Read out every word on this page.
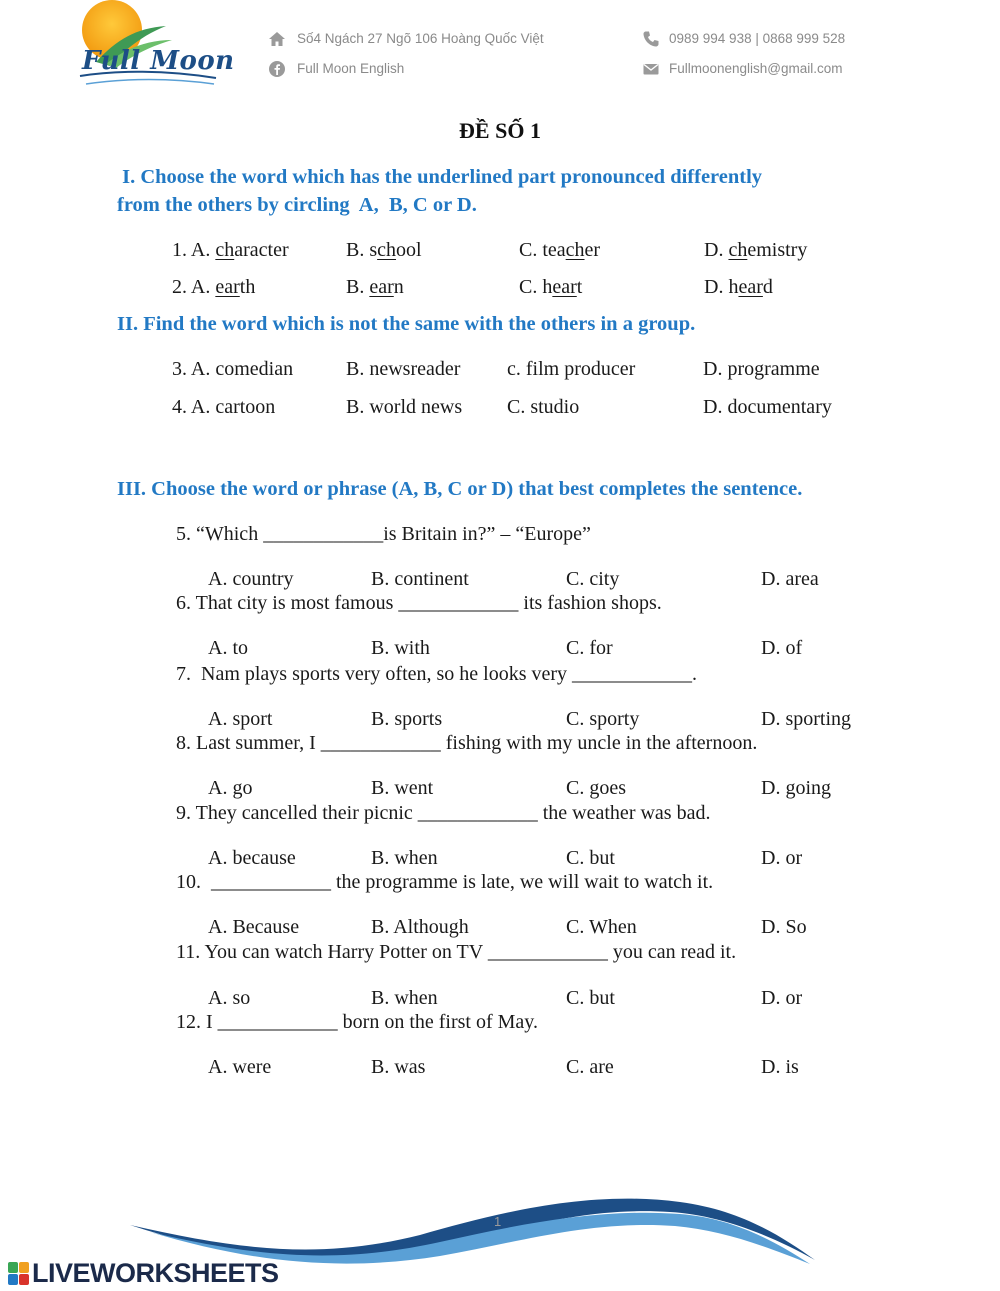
Full Moon
Số4 Ngách 27 Ngõ 106 Hoàng Quốc Việt
Full Moon English
0989 994 938 | 0868 999 528
Fullmoonenglish@gmail.com
ĐỀ SỐ 1
I. Choose the word which has the underlined part pronounced differently
from the others by circling  A,  B, C or D.
1. A. character	B. school	C. teacher	D. chemistry
2. A. earth	B. earn	C. heart	D. heard
II. Find the word which is not the same with the others in a group.
3. A. comedian	B. newsreader c. film producer	D. programme
4. A. cartoon	B. world news C. studio	D. documentary
III. Choose the word or phrase (A, B, C or D) that best completes the sentence.
5. “Which ____________is Britain in?” – “Europe”
A. country	B. continent	C. city	D. area
6. That city is most famous ____________ its fashion shops.
A. to	B. with	C. for	D. of
7.  Nam plays sports very often, so he looks very ____________.
A. sport	B. sports	C. sporty	D. sporting
8. Last summer, I ____________ fishing with my uncle in the afternoon.
A. go	B. went	C. goes	D. going
9. They cancelled their picnic ____________ the weather was bad.
A. because	B. when	C. but	D. or
10.  ____________ the programme is late, we will wait to watch it.
A. Because	B. Although	C. When	D. So
11. You can watch Harry Potter on TV ____________ you can read it.
A. so	B. when	C. but	D. or
12. I ____________ born on the first of May.
A. were	B. was	C. are	D. is
1
LIVEWORKSHEETS
